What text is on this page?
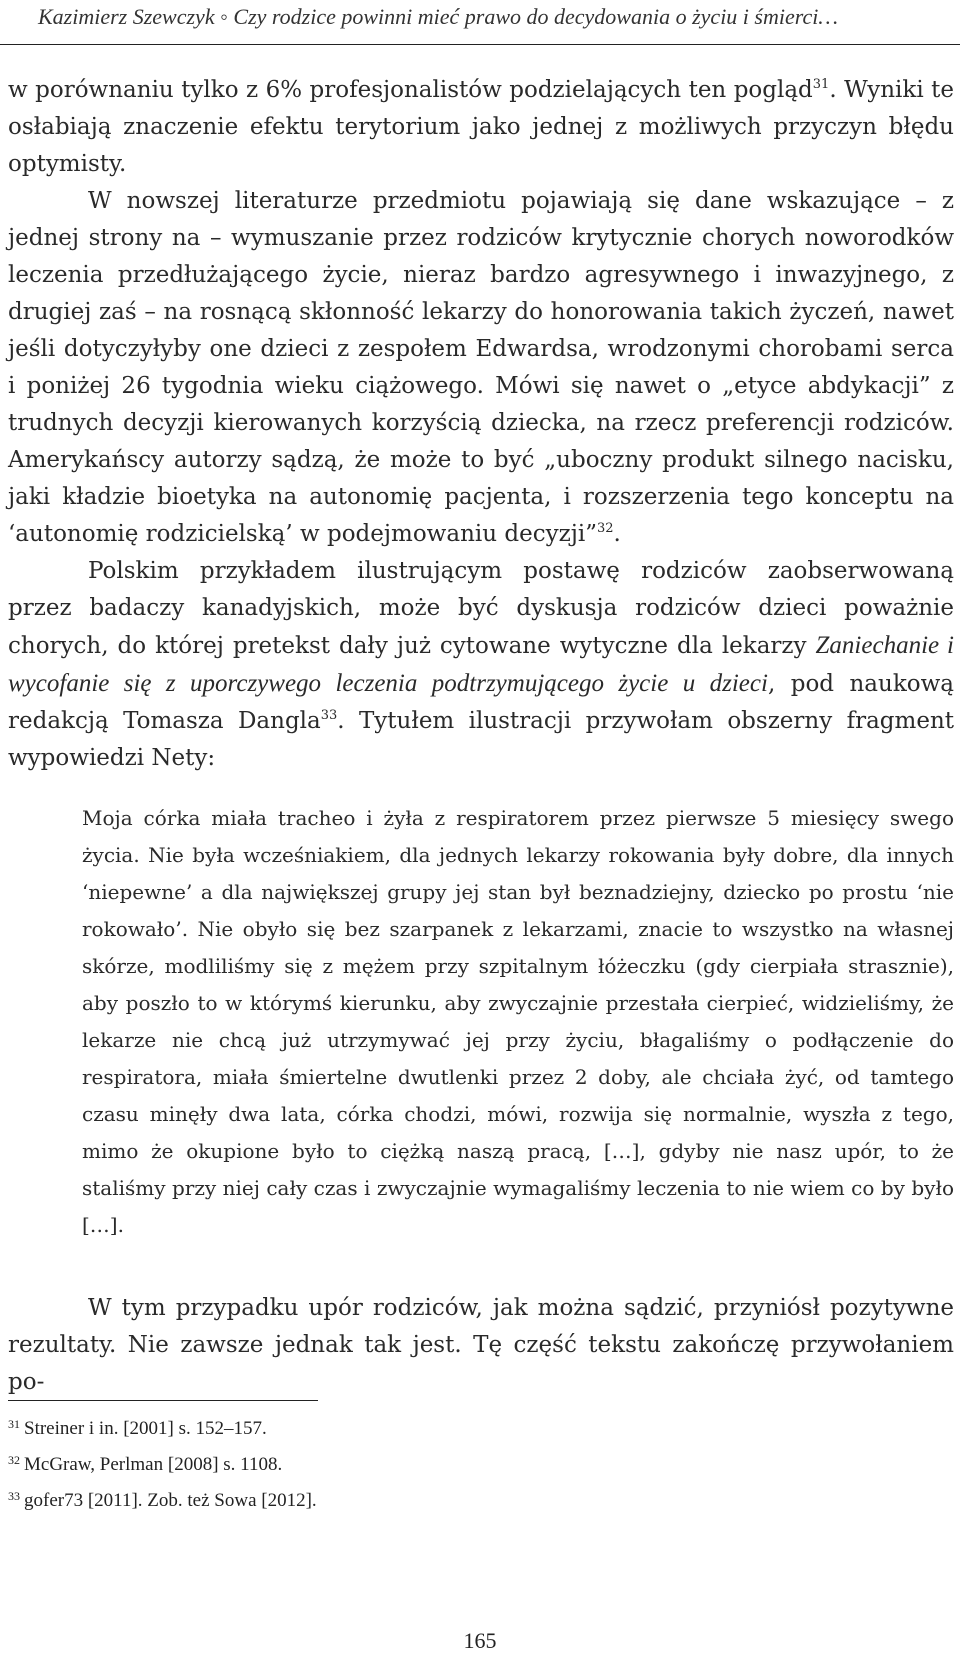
Kazimierz Szewczyk ◦ Czy rodzice powinni mieć prawo do decydowania o życiu i śmierci…

w porównaniu tylko z 6% profesjonalistów podzielających ten pogląd$^{31}$. Wyniki te osłabiają znaczenie efektu terytorium jako jednej z możliwych przyczyn błędu optymisty.

W nowszej literaturze przedmiotu pojawiają się dane wskazujące – z jednej strony na – wymuszanie przez rodziców krytycznie chorych noworodków leczenia przedłużającego życie, nieraz bardzo agresywnego i inwazyjnego, z drugiej zaś – na rosnącą skłonność lekarzy do honorowania takich życzeń, nawet jeśli dotyczyłyby one dzieci z zespołem Edwardsa, wrodzonymi chorobami serca i poniżej 26 tygodnia wieku ciążowego. Mówi się nawet o „etyce abdykacji” z trudnych decyzji kierowanych korzyścią dziecka, na rzecz preferencji rodziców. Amerykańscy autorzy sądzą, że może to być „uboczny produkt silnego nacisku, jaki kładzie bioetyka na autonomię pacjenta, i rozszerzenia tego konceptu na ‘autonomię rodzicielską’ w podejmowaniu decyzji”$^{32}$.

Polskim przykładem ilustrującym postawę rodziców zaobserwowaną przez badaczy kanadyjskich, może być dyskusja rodziców dzieci poważnie chorych, do której pretekst dały już cytowane wytyczne dla lekarzy Zaniechanie i wycofanie się z uporczywego leczenia podtrzymującego życie u dzieci, pod naukową redakcją Tomasza Dangla$^{33}$. Tytułem ilustracji przywołam obszerny fragment wypowiedzi Nety:

Moja córka miała tracheo i żyła z respiratorem przez pierwsze 5 miesięcy swego życia. Nie była wcześniakiem, dla jednych lekarzy rokowania były dobre, dla innych ‘niepewne’ a dla największej grupy jej stan był beznadziejny, dziecko po prostu ‘nie rokowało’. Nie obyło się bez szarpanek z lekarzami, znacie to wszystko na własnej skórze, modliliśmy się z mężem przy szpitalnym łóżeczku (gdy cierpiała strasznie), aby poszło to w którymś kierunku, aby zwyczajnie przestała cierpieć, widzieliśmy, że lekarze nie chcą już utrzymywać jej przy życiu, błagaliśmy o podłączenie do respiratora, miała śmiertelne dwutlenki przez 2 doby, ale chciała żyć, od tamtego czasu minęły dwa lata, córka chodzi, mówi, rozwija się normalnie, wyszła z tego, mimo że okupione było to ciężką naszą pracą, […], gdyby nie nasz upór, to że staliśmy przy niej cały czas i zwyczajnie wymagaliśmy leczenia to nie wiem co by było […].

W tym przypadku upór rodziców, jak można sądzić, przyniósł pozytywne rezultaty. Nie zawsze jednak tak jest. Tę część tekstu zakończę przywołaniem po-

$^{31}$ Streiner i in. [2001] s. 152–157.
$^{32}$ McGraw, Perlman [2008] s. 1108.
$^{33}$ gofer73 [2011]. Zob. też Sowa [2012].
165
